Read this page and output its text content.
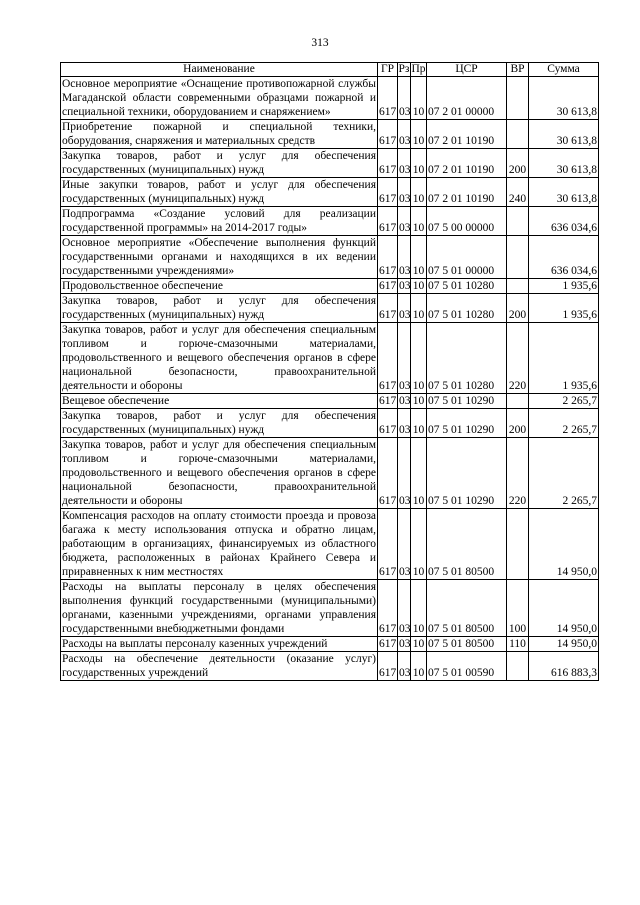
313
Наименование	ГР	Рз	Пр	ЦСР	ВР	Сумма
Основное мероприятие «Оснащение противопожарной службы Магаданской области современными образцами пожарной и специальной техники, оборудованием и снаряжением»	617	03	10	07 2 01 00000		30 613,8
Приобретение пожарной и специальной техники, оборудования, снаряжения и материальных средств	617	03	10	07 2 01 10190		30 613,8
Закупка товаров, работ и услуг для обеспечения государственных (муниципальных) нужд	617	03	10	07 2 01 10190	200	30 613,8
Иные закупки товаров, работ и услуг для обеспечения государственных (муниципальных) нужд	617	03	10	07 2 01 10190	240	30 613,8
Подпрограмма «Создание условий для реализации государственной программы» на 2014-2017 годы»	617	03	10	07 5 00 00000		636 034,6
Основное мероприятие «Обеспечение выполнения функций государственными органами и находящихся в их ведении государственными учреждениями»	617	03	10	07 5 01 00000		636 034,6
Продовольственное обеспечение	617	03	10	07 5 01 10280		1 935,6
Закупка товаров, работ и услуг для обеспечения государственных (муниципальных) нужд	617	03	10	07 5 01 10280	200	1 935,6
Закупка товаров, работ и услуг для обеспечения специальным топливом и горюче-смазочными материалами, продовольственного и вещевого обеспечения органов в сфере национальной безопасности, правоохранительной деятельности и обороны	617	03	10	07 5 01 10280	220	1 935,6
Вещевое обеспечение	617	03	10	07 5 01 10290		2 265,7
Закупка товаров, работ и услуг для обеспечения государственных (муниципальных) нужд	617	03	10	07 5 01 10290	200	2 265,7
Закупка товаров, работ и услуг для обеспечения специальным топливом и горюче-смазочными материалами, продовольственного и вещевого обеспечения органов в сфере национальной безопасности, правоохранительной деятельности и обороны	617	03	10	07 5 01 10290	220	2 265,7
Компенсация расходов на оплату стоимости проезда и провоза багажа к месту использования отпуска и обратно лицам, работающим в организациях, финансируемых из областного бюджета, расположенных в районах Крайнего Севера и приравненных к ним местностях	617	03	10	07 5 01 80500		14 950,0
Расходы на выплаты персоналу в целях обеспечения выполнения функций государственными (муниципальными) органами, казенными учреждениями, органами управления государственными внебюджетными фондами	617	03	10	07 5 01 80500	100	14 950,0
Расходы на выплаты персоналу казенных учреждений	617	03	10	07 5 01 80500	110	14 950,0
Расходы на обеспечение деятельности (оказание услуг) государственных учреждений	617	03	10	07 5 01 00590		616 883,3
